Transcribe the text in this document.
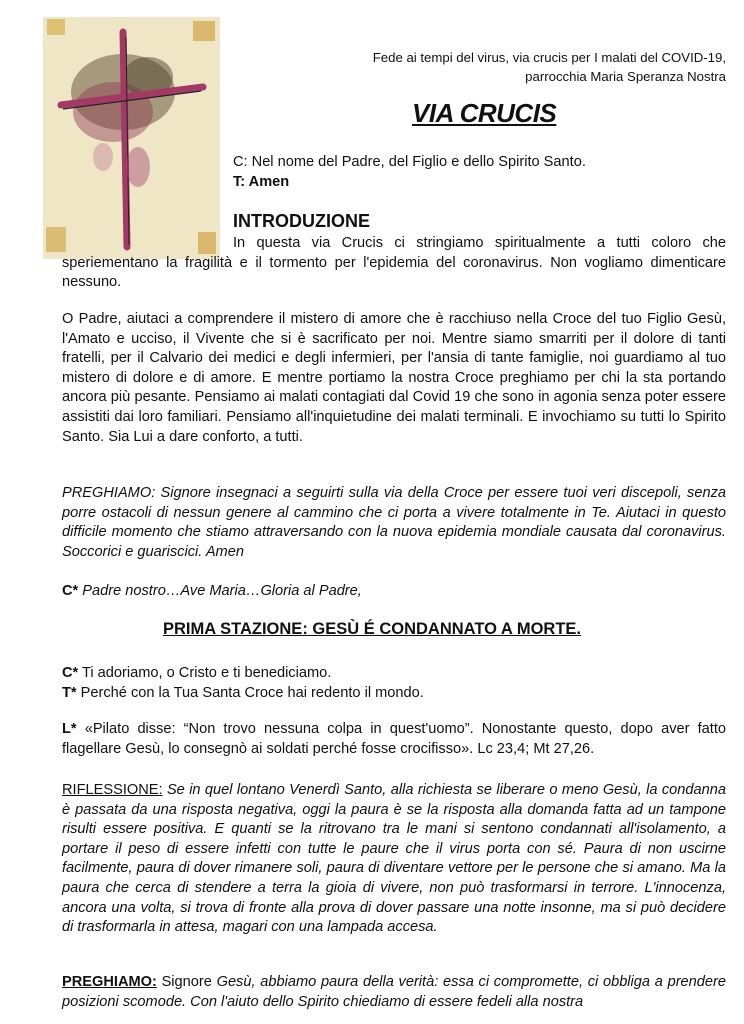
Fede ai tempi del virus, via crucis per I malati del COVID-19,
parrocchia Maria Speranza Nostra
VIA CRUCIS
C: Nel nome del Padre, del Figlio e dello Spirito Santo.
T: Amen
INTRODUZIONE
In questa via Crucis ci stringiamo spiritualmente a tutti coloro che speriementano la fragilità e il tormento per l'epidemia del coronavirus. Non vogliamo dimenticare nessuno.
O Padre, aiutaci a comprendere il mistero di amore che è racchiuso nella Croce del tuo Figlio Gesù, l'Amato e ucciso, il Vivente che si è sacrificato per noi. Mentre siamo smarriti per il dolore di tanti fratelli, per il Calvario dei medici e degli infermieri, per l'ansia di tante famiglie, noi guardiamo al tuo mistero di dolore e di amore. E mentre portiamo la nostra Croce preghiamo per chi la sta portando ancora più pesante. Pensiamo ai malati contagiati dal Covid 19 che sono in agonia senza poter essere assistiti dai loro familiari. Pensiamo all'inquietudine dei malati terminali. E invochiamo su tutti lo Spirito Santo. Sia Lui a dare conforto, a tutti.
PREGHIAMO: Signore insegnaci a seguirti sulla via della Croce per essere tuoi veri discepoli, senza porre ostacoli di nessun genere al cammino che ci porta a vivere totalmente in Te. Aiutaci in questo difficile momento che stiamo attraversando con la nuova epidemia mondiale causata dal coronavirus. Soccorici e guariscici. Amen
C* Padre nostro…Ave Maria…Gloria al Padre,
PRIMA STAZIONE: GESÙ É CONDANNATO A MORTE.
C* Ti adoriamo, o Cristo e ti benediciamo.
T* Perché con la Tua Santa Croce hai redento il mondo.
L* «Pilato disse: “Non trovo nessuna colpa in quest'uomo”. Nonostante questo, dopo aver fatto flagellare Gesù, lo consegnò ai soldati perché fosse crocifisso». Lc 23,4; Mt 27,26.
RIFLESSIONE: Se in quel lontano Venerdì Santo, alla richiesta se liberare o meno Gesù, la condanna è passata da una risposta negativa, oggi la paura è se la risposta alla domanda fatta ad un tampone risulti essere positiva. E quanti se la ritrovano tra le mani si sentono condannati all'isolamento, a portare il peso di essere infetti con tutte le paure che il virus porta con sé. Paura di non uscirne facilmente, paura di dover rimanere soli, paura di diventare vettore per le persone che si amano. Ma la paura che cerca di stendere a terra la gioia di vivere, non può trasformarsi in terrore. L'innocenza, ancora una volta, si trova di fronte alla prova di dover passare una notte insonne, ma si può decidere di trasformarla in attesa, magari con una lampada accesa.
PREGHIAMO: Signore Gesù, abbiamo paura della verità: essa ci compromette, ci obbliga a prendere posizioni scomode. Con l'aiuto dello Spirito chiediamo di essere fedeli alla nostra
